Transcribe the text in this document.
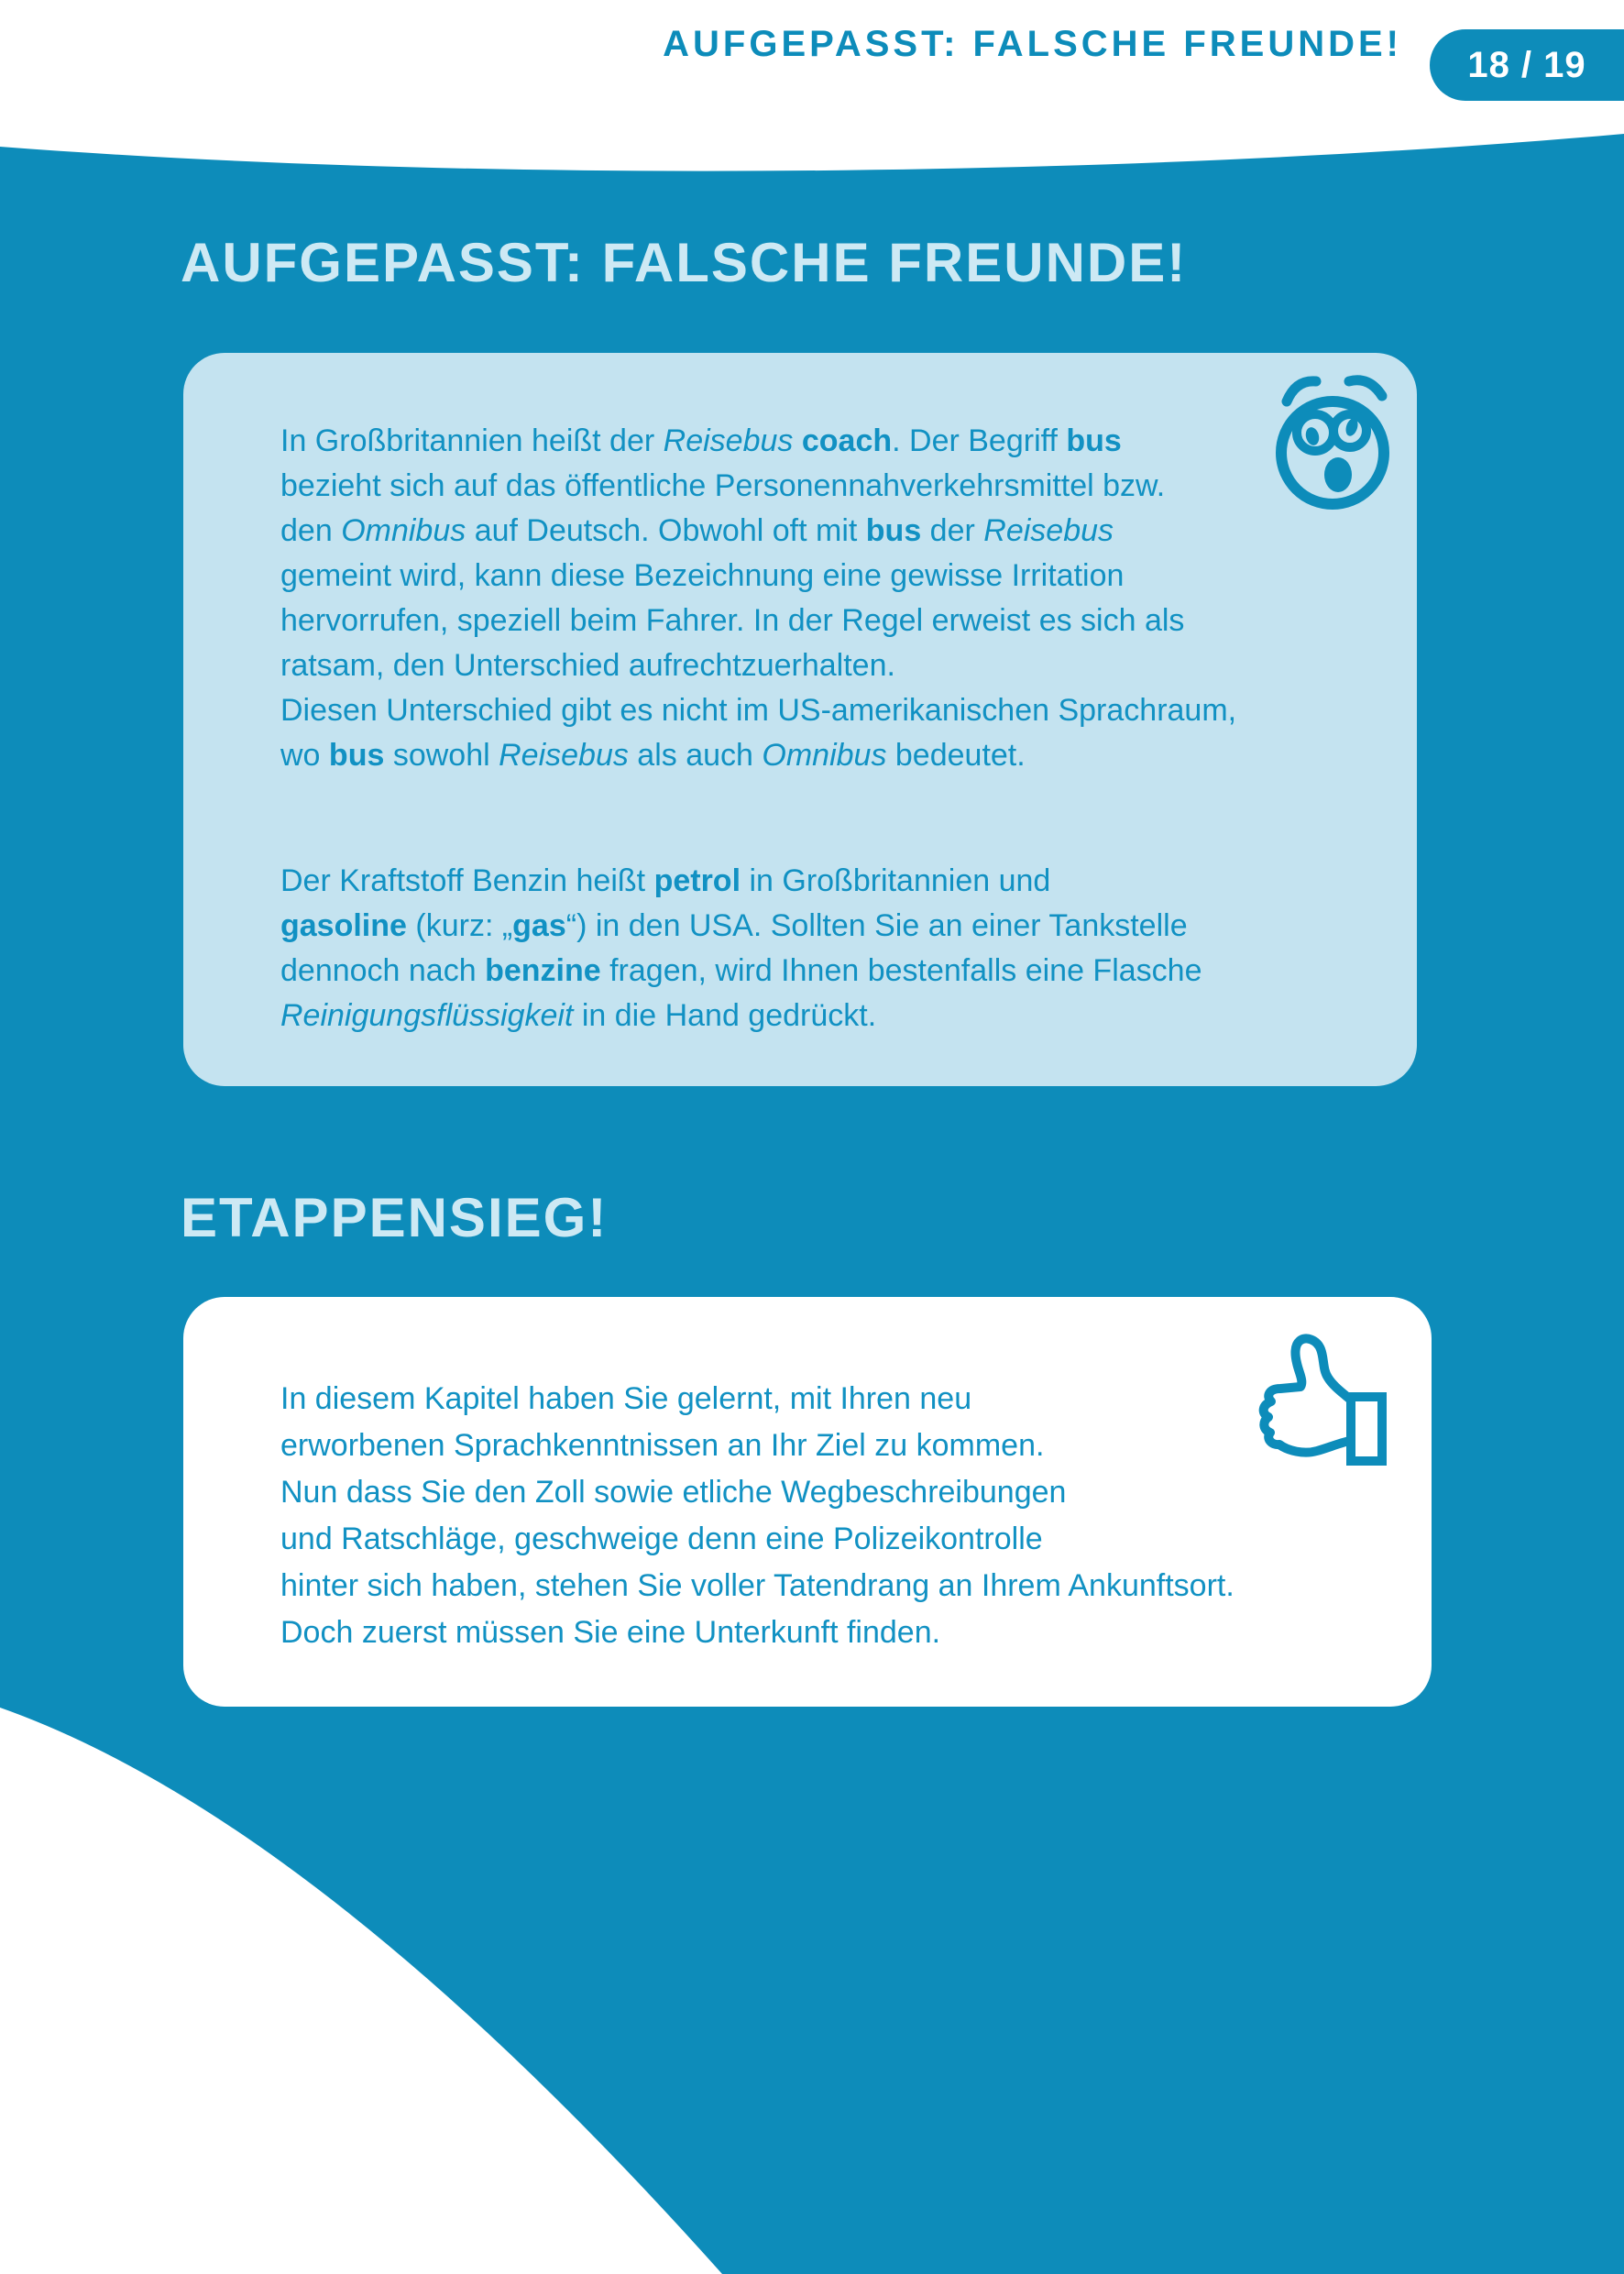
AUFGEPASST: FALSCHE FREUNDE!
18 / 19
AUFGEPASST: FALSCHE FREUNDE!
In Großbritannien heißt der Reisebus coach. Der Begriff bus
bezieht sich auf das öffentliche Personennahverkehrsmittel bzw.
den Omnibus auf Deutsch. Obwohl oft mit bus der Reisebus
gemeint wird, kann diese Bezeichnung eine gewisse Irritation
hervorrufen, speziell beim Fahrer. In der Regel erweist es sich als
ratsam, den Unterschied aufrechtzuerhalten.
Diesen Unterschied gibt es nicht im US-amerikanischen Sprachraum,
wo bus sowohl Reisebus als auch Omnibus bedeutet.
Der Kraftstoff Benzin heißt petrol in Großbritannien und
gasoline (kurz: „gas“) in den USA. Sollten Sie an einer Tankstelle
dennoch nach benzine fragen, wird Ihnen bestenfalls eine Flasche
Reinigungsflüssigkeit in die Hand gedrückt.
ETAPPENSIEG!
In diesem Kapitel haben Sie gelernt, mit Ihren neu
erworbenen Sprachkenntnissen an Ihr Ziel zu kommen.
Nun dass Sie den Zoll sowie etliche Wegbeschreibungen
und Ratschläge, geschweige denn eine Polizeikontrolle
hinter sich haben, stehen Sie voller Tatendrang an Ihrem Ankunftsort.
Doch zuerst müssen Sie eine Unterkunft finden.
